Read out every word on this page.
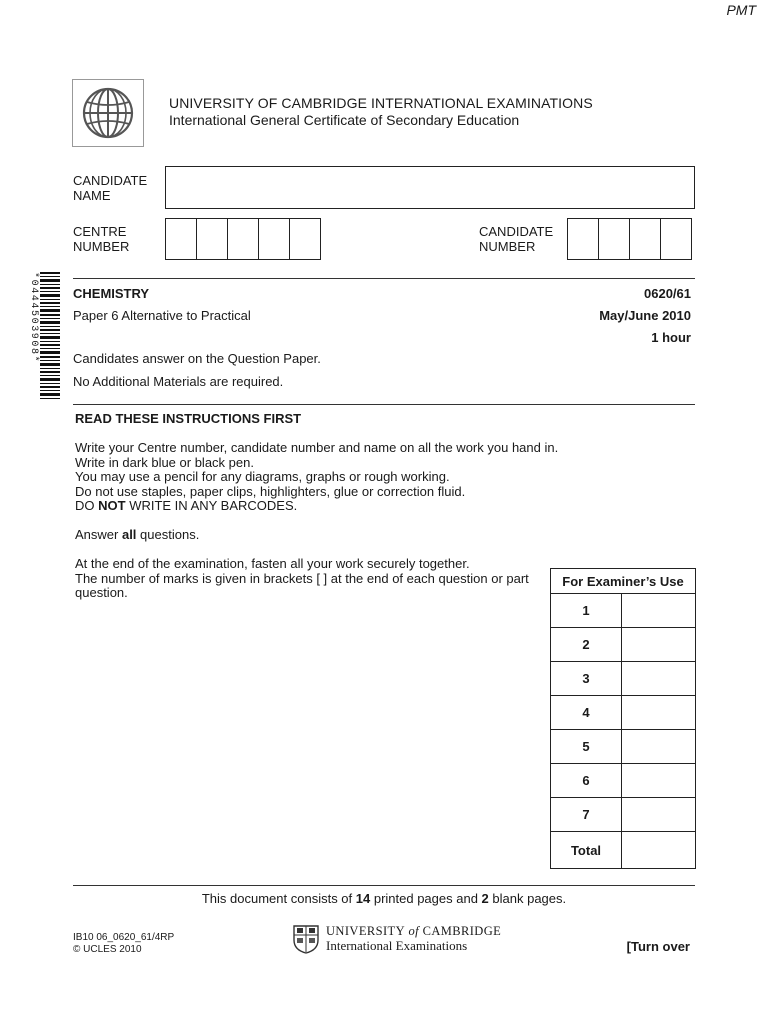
PMT
UNIVERSITY OF CAMBRIDGE INTERNATIONAL EXAMINATIONS
International General Certificate of Secondary Education
CANDIDATE
NAME
CENTRE
NUMBER
CANDIDATE
NUMBER
*0444503908*	CHEMISTRY	0620/61
Paper 6 Alternative to Practical	May/June 2010
1 hour
Candidates answer on the Question Paper.
No Additional Materials are required.
READ THESE INSTRUCTIONS FIRST

Write your Centre number, candidate number and name on all the work you hand in.

Write in dark blue or black pen.

You may use a pencil for any diagrams, graphs or rough working.

Do not use staples, paper clips, highlighters, glue or correction fluid.

DO NOT WRITE IN ANY BARCODES.

Answer all questions.

At the end of the examination, fasten all your work securely together.

The number of marks is given in brackets [ ] at the end of each question or part

question.

For Examiner’s Use	
1	
2	
3	
4	
5	
6	
7	
Total	
This document consists of 14 printed pages and 2 blank pages.
IB10 06_0620_61/4RP
© UCLES 2010
UNIVERSITY of CAMBRIDGE
International Examinations	[Turn over
